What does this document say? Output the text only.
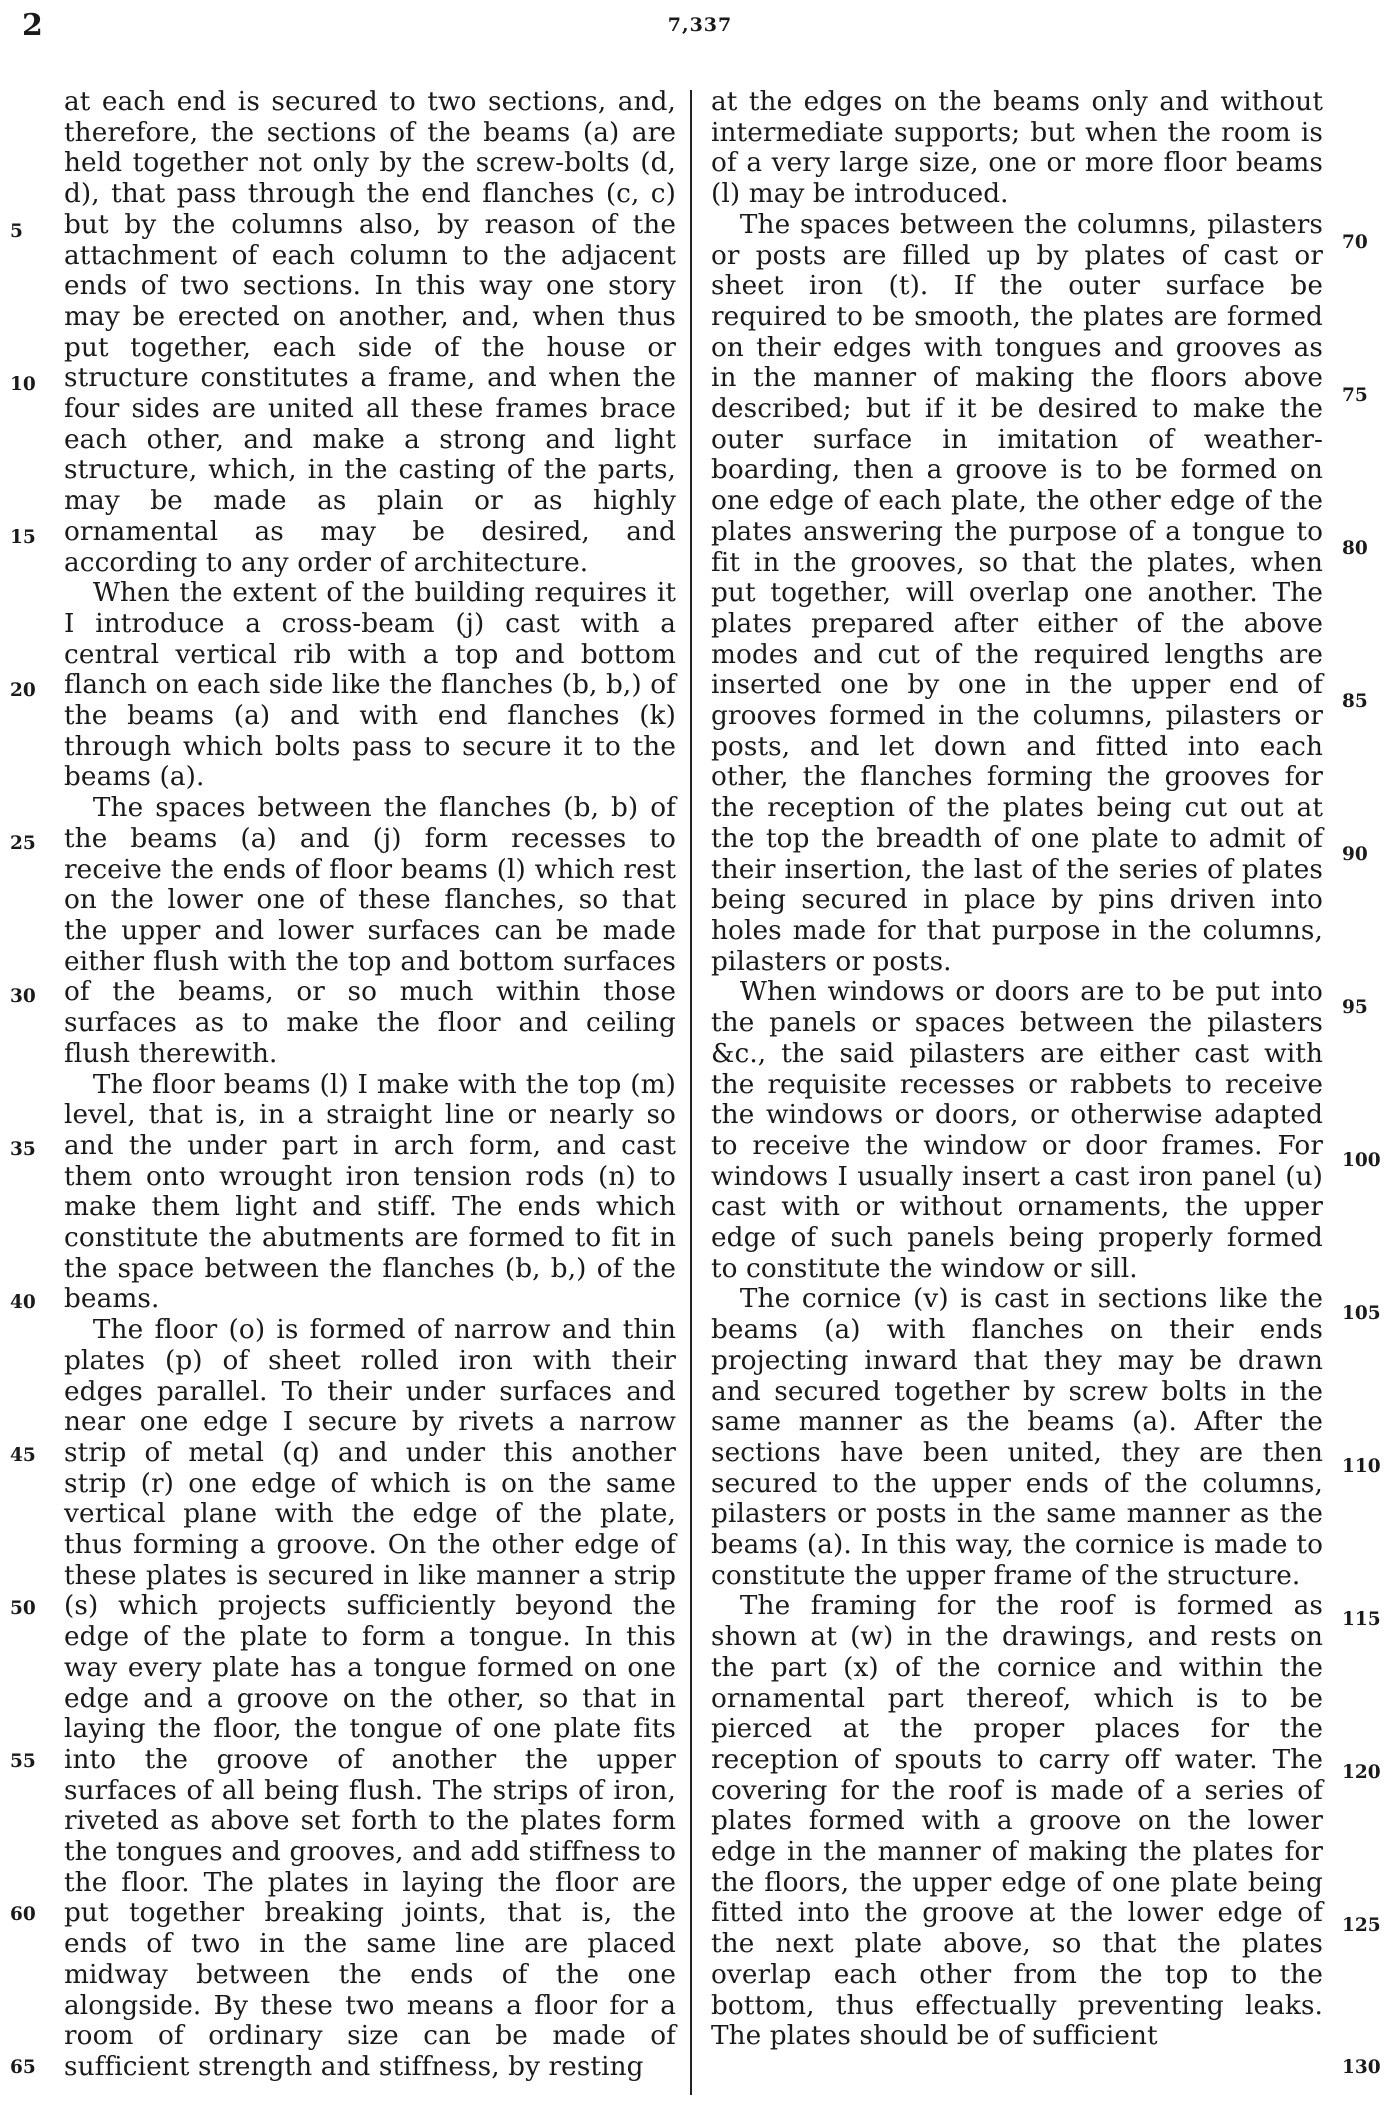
2	7,337

at each end is secured to two sections, and, therefore, the sections of the beams (a) are held together not only by the screw-bolts (d, d), that pass through the end flanches (c, c) but by the columns also, by reason of the attachment of each column to the adjacent ends of two sections. In this way one story may be erected on another, and, when thus put together, each side of the house or structure constitutes a frame, and when the four sides are united all these frames brace each other, and make a strong and light structure, which, in the casting of the parts, may be made as plain or as highly ornamental as may be desired, and according to any order of architecture.

When the extent of the building requires it I introduce a cross-beam (j) cast with a central vertical rib with a top and bottom flanch on each side like the flanches (b, b,) of the beams (a) and with end flanches (k) through which bolts pass to secure it to the beams (a).

The spaces between the flanches (b, b) of the beams (a) and (j) form recesses to receive the ends of floor beams (l) which rest on the lower one of these flanches, so that the upper and lower surfaces can be made either flush with the top and bottom surfaces of the beams, or so much within those surfaces as to make the floor and ceiling flush therewith.

The floor beams (l) I make with the top (m) level, that is, in a straight line or nearly so and the under part in arch form, and cast them onto wrought iron tension rods (n) to make them light and stiff. The ends which constitute the abutments are formed to fit in the space between the flanches (b, b,) of the beams.

The floor (o) is formed of narrow and thin plates (p) of sheet rolled iron with their edges parallel. To their under surfaces and near one edge I secure by rivets a narrow strip of metal (q) and under this another strip (r) one edge of which is on the same vertical plane with the edge of the plate, thus forming a groove. On the other edge of these plates is secured in like manner a strip (s) which projects sufficiently beyond the edge of the plate to form a tongue. In this way every plate has a tongue formed on one edge and a groove on the other, so that in laying the floor, the tongue of one plate fits into the groove of another the upper surfaces of all being flush. The strips of iron, riveted as above set forth to the plates form the tongues and grooves, and add stiffness to the floor. The plates in laying the floor are put together breaking joints, that is, the ends of two in the same line are placed midway between the ends of the one alongside. By these two means a floor for a room of ordinary size can be made of sufficient strength and stiffness, by resting

at the edges on the beams only and without intermediate supports; but when the room is of a very large size, one or more floor beams (l) may be introduced.

The spaces between the columns, pilasters or posts are filled up by plates of cast or sheet iron (t). If the outer surface be required to be smooth, the plates are formed on their edges with tongues and grooves as in the manner of making the floors above described; but if it be desired to make the outer surface in imitation of weather-boarding, then a groove is to be formed on one edge of each plate, the other edge of the plates answering the purpose of a tongue to fit in the grooves, so that the plates, when put together, will overlap one another. The plates prepared after either of the above modes and cut of the required lengths are inserted one by one in the upper end of grooves formed in the columns, pilasters or posts, and let down and fitted into each other, the flanches forming the grooves for the reception of the plates being cut out at the top the breadth of one plate to admit of their insertion, the last of the series of plates being secured in place by pins driven into holes made for that purpose in the columns, pilasters or posts.

When windows or doors are to be put into the panels or spaces between the pilasters &c., the said pilasters are either cast with the requisite recesses or rabbets to receive the windows or doors, or otherwise adapted to receive the window or door frames. For windows I usually insert a cast iron panel (u) cast with or without ornaments, the upper edge of such panels being properly formed to constitute the window or sill.

The cornice (v) is cast in sections like the beams (a) with flanches on their ends projecting inward that they may be drawn and secured together by screw bolts in the same manner as the beams (a). After the sections have been united, they are then secured to the upper ends of the columns, pilasters or posts in the same manner as the beams (a). In this way, the cornice is made to constitute the upper frame of the structure.

The framing for the roof is formed as shown at (w) in the drawings, and rests on the part (x) of the cornice and within the ornamental part thereof, which is to be pierced at the proper places for the reception of spouts to carry off water. The covering for the roof is made of a series of plates formed with a groove on the lower edge in the manner of making the plates for the floors, the upper edge of one plate being fitted into the groove at the lower edge of the next plate above, so that the plates overlap each other from the top to the bottom, thus effectually preventing leaks. The plates should be of sufficient

5
10
15
20
25
30
35
40
45
50
55
60
65
70
75
80
85
90
95
100
105
110
115
120
125
130
